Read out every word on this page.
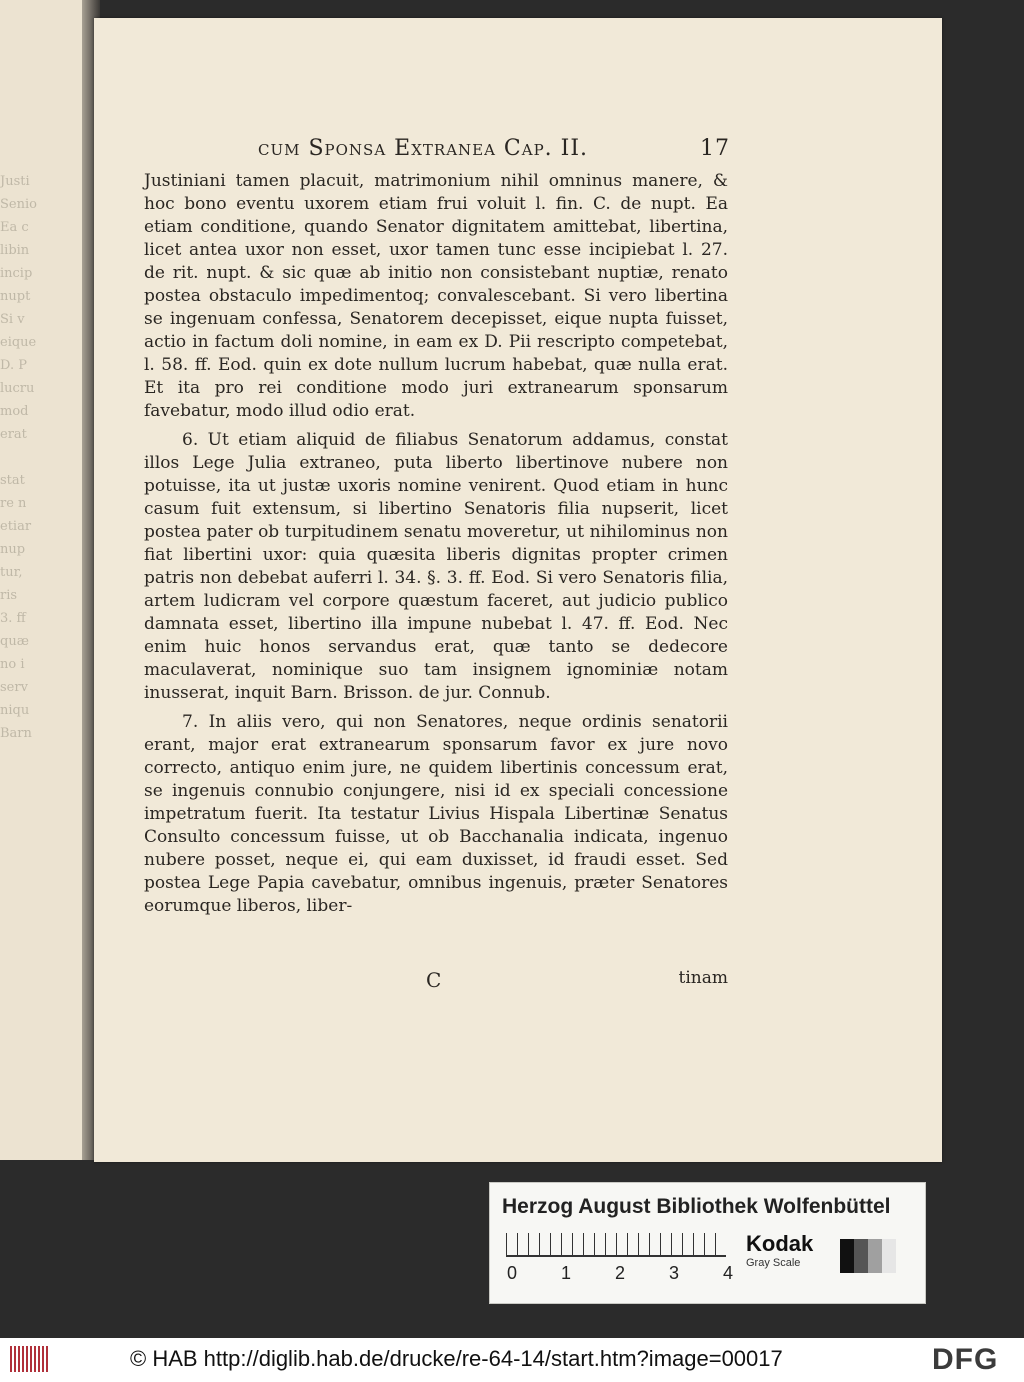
Justi
Senio
Ea c
libin
incip
nupt
Si v
eique
D. P
lucru
mod
erat

stat
re n
etiar
nup
tur,
ris
3. ff
quæ
no i
serv
niqu
Barn
cum Sponsa Extranea Cap. II.	17

Justiniani tamen placuit, matrimonium nihil omninus manere, & hoc bono eventu uxorem etiam frui voluit l. fin. C. de nupt. Ea etiam conditione, quando Senator dignitatem amittebat, libertina, licet antea uxor non esset, uxor tamen tunc esse incipiebat l. 27. de rit. nupt. & sic quæ ab initio non consistebant nuptiæ, renato postea obstaculo impedimentoq; convalescebant. Si vero libertina se ingenuam confessa, Senatorem decepisset, eique nupta fuisset, actio in factum doli nomine, in eam ex D. Pii rescripto competebat, l. 58. ff. Eod. quin ex dote nullum lucrum habebat, quæ nulla erat. Et ita pro rei conditione modo juri extranearum sponsarum favebatur, modo illud odio erat.

6. Ut etiam aliquid de filiabus Senatorum addamus, constat illos Lege Julia extraneo, puta liberto libertinove nubere non potuisse, ita ut justæ uxoris nomine venirent. Quod etiam in hunc casum fuit extensum, si libertino Senatoris filia nupserit, licet postea pater ob turpitudinem senatu moveretur, ut nihilominus non fiat libertini uxor: quia quæsita liberis dignitas propter crimen patris non debebat auferri l. 34. §. 3. ff. Eod. Si vero Senatoris filia, artem ludicram vel corpore quæstum faceret, aut judicio publico damnata esset, libertino illa impune nubebat l. 47. ff. Eod. Nec enim huic honos servandus erat, quæ tanto se dedecore maculaverat, nominique suo tam insignem ignominiæ notam inusserat, inquit Barn. Brisson. de jur. Connub.

7. In aliis vero, qui non Senatores, neque ordinis senatorii erant, major erat extranearum sponsarum favor ex jure novo correcto, antiquo enim jure, ne quidem libertinis concessum erat, se ingenuis connubio conjungere, nisi id ex speciali concessione impetratum fuerit. Ita testatur Livius Hispala Libertinæ Senatus Consulto concessum fuisse, ut ob Bacchanalia indicata, ingenuo nubere posset, neque ei, qui eam duxisset, id fraudi esset. Sed postea Lege Papia cavebatur, omnibus ingenuis, præter Senatores eorumque liberos, liber-

C	tinam
Herzog August Bibliothek Wolfenbüttel
0 1 2 3 4
Kodak
Gray Scale
© HAB http://diglib.hab.de/drucke/re-64-14/start.htm?image=00017	DFG
